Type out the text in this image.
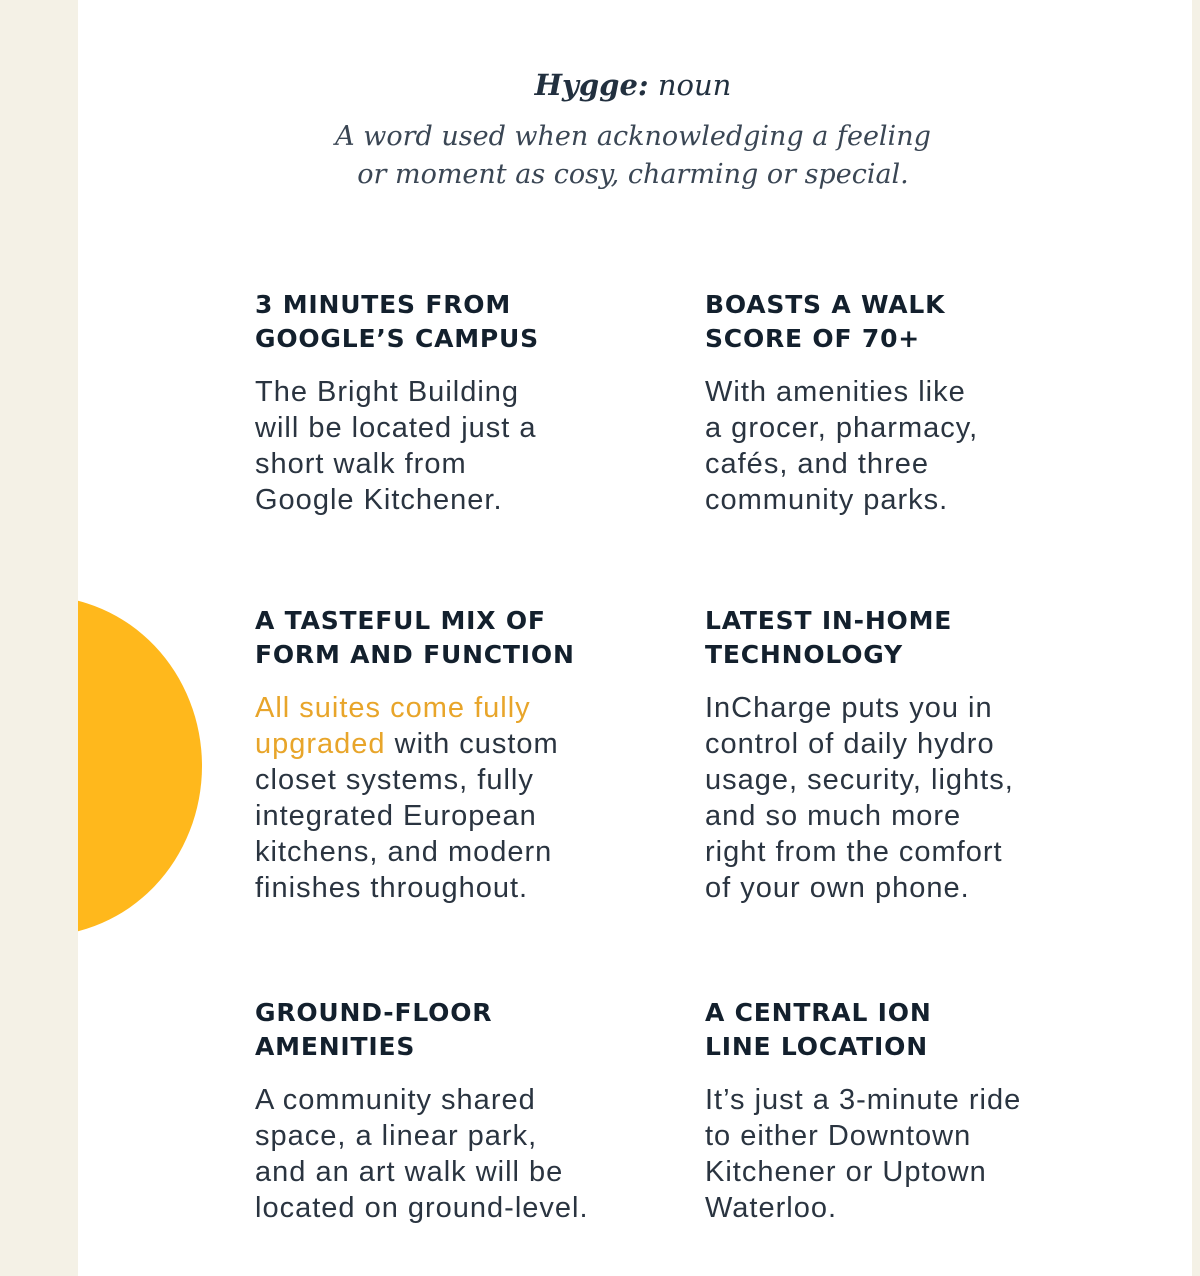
Hygge: noun

A word used when acknowledging a feeling
or moment as cosy, charming or special.

3 MINUTES FROM
GOOGLE’S CAMPUS

The Bright Building
will be located just a
short walk from
Google Kitchener.

BOASTS A WALK
SCORE OF 70+

With amenities like
a grocer, pharmacy,
cafés, and three
community parks.

A TASTEFUL MIX OF
FORM AND FUNCTION

All suites come fully
upgraded with custom
closet systems, fully
integrated European
kitchens, and modern
finishes throughout.

LATEST IN-HOME
TECHNOLOGY

InCharge puts you in
control of daily hydro
usage, security, lights,
and so much more
right from the comfort
of your own phone.

GROUND-FLOOR
AMENITIES

A community shared
space, a linear park,
and an art walk will be
located on ground-level.

A CENTRAL ION
LINE LOCATION

It’s just a 3-minute ride
to either Downtown
Kitchener or Uptown
Waterloo.
